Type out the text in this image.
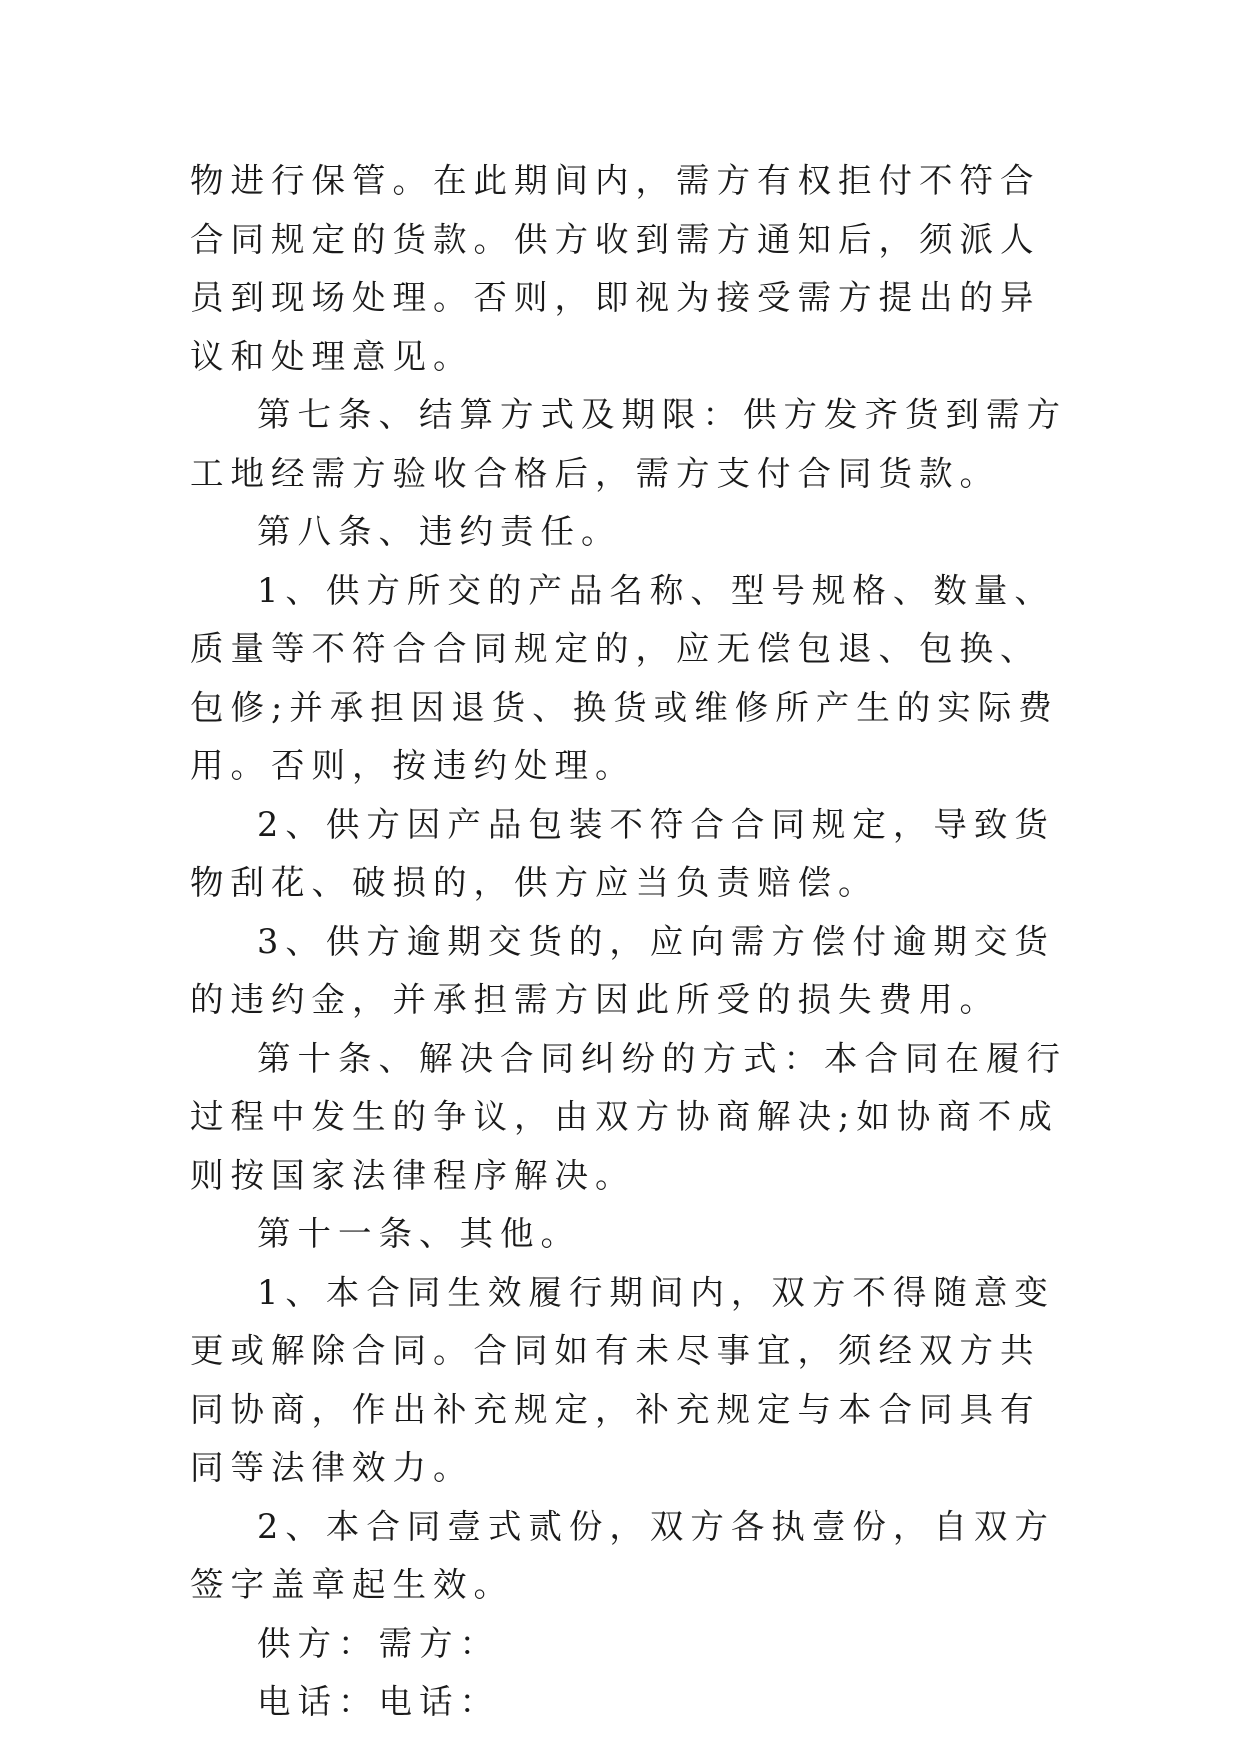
物进行保管。在此期间内，需方有权拒付不符合合同规定的货款。供方收到需方通知后，须派人员到现场处理。否则，即视为接受需方提出的异议和处理意见。

第七条、结算方式及期限：供方发齐货到需方工地经需方验收合格后，需方支付合同货款。

第八条、违约责任。

1、供方所交的产品名称、型号规格、数量、质量等不符合合同规定的，应无偿包退、包换、包修;并承担因退货、换货或维修所产生的实际费用。否则，按违约处理。

2、供方因产品包装不符合合同规定，导致货物刮花、破损的，供方应当负责赔偿。

3、供方逾期交货的，应向需方偿付逾期交货的违约金，并承担需方因此所受的损失费用。

第十条、解决合同纠纷的方式：本合同在履行过程中发生的争议，由双方协商解决;如协商不成则按国家法律程序解决。

第十一条、其他。

1、本合同生效履行期间内，双方不得随意变更或解除合同。合同如有未尽事宜，须经双方共同协商，作出补充规定，补充规定与本合同具有同等法律效力。

2、本合同壹式贰份，双方各执壹份，自双方签字盖章起生效。

供方：需方：

电话：电话：
